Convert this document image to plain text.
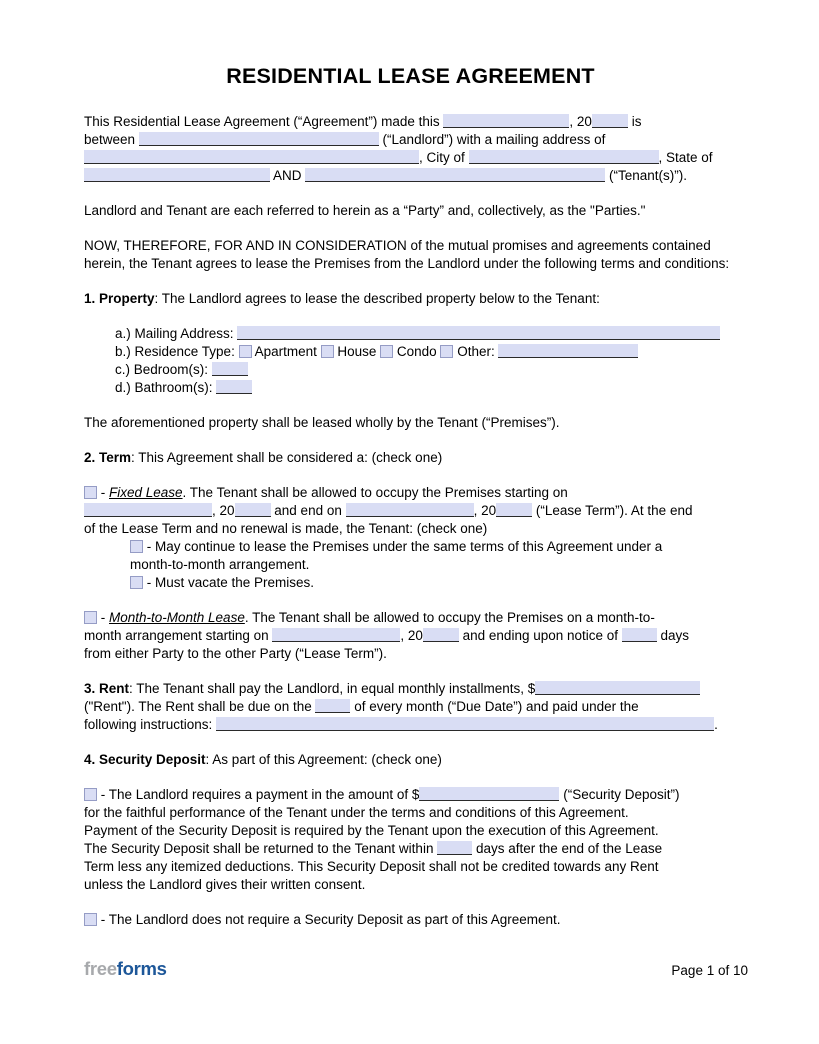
RESIDENTIAL LEASE AGREEMENT
This Residential Lease Agreement (“Agreement”) made this	, 20	is
between	(“Landlord”) with a mailing address of
, City of	, State of
AND	(“Tenant(s)”).
Landlord and Tenant are each referred to herein as a “Party” and, collectively, as the "Parties."
NOW, THEREFORE, FOR AND IN CONSIDERATION of the mutual promises and agreements contained herein, the Tenant agrees to lease the Premises from the Landlord under the following terms and conditions:
1. Property: The Landlord agrees to lease the described property below to the Tenant:
a.) Mailing Address:
b.) Residence Type:  Apartment  House  Condo  Other:
c.) Bedroom(s):
d.) Bathroom(s):
The aforementioned property shall be leased wholly by the Tenant (“Premises”).
2. Term: This Agreement shall be considered a: (check one)
- Fixed Lease. The Tenant shall be allowed to occupy the Premises starting on
, 20	and end on	, 20	(“Lease Term”). At the end
of the Lease Term and no renewal is made, the Tenant: (check one)
- May continue to lease the Premises under the same terms of this Agreement under a
month-to-month arrangement.
- Must vacate the Premises.
- Month-to-Month Lease. The Tenant shall be allowed to occupy the Premises on a month-to-
month arrangement starting on	, 20	and ending upon notice of	days
from either Party to the other Party (“Lease Term”).
3. Rent: The Tenant shall pay the Landlord, in equal monthly installments, $
("Rent"). The Rent shall be due on the	of every month (“Due Date”) and paid under the
following instructions:	.
4. Security Deposit: As part of this Agreement: (check one)
- The Landlord requires a payment in the amount of $	(“Security Deposit”)
for the faithful performance of the Tenant under the terms and conditions of this Agreement.
Payment of the Security Deposit is required by the Tenant upon the execution of this Agreement.
The Security Deposit shall be returned to the Tenant within	days after the end of the Lease
Term less any itemized deductions. This Security Deposit shall not be credited towards any Rent
unless the Landlord gives their written consent.
- The Landlord does not require a Security Deposit as part of this Agreement.
freeforms	Page 1 of 10
